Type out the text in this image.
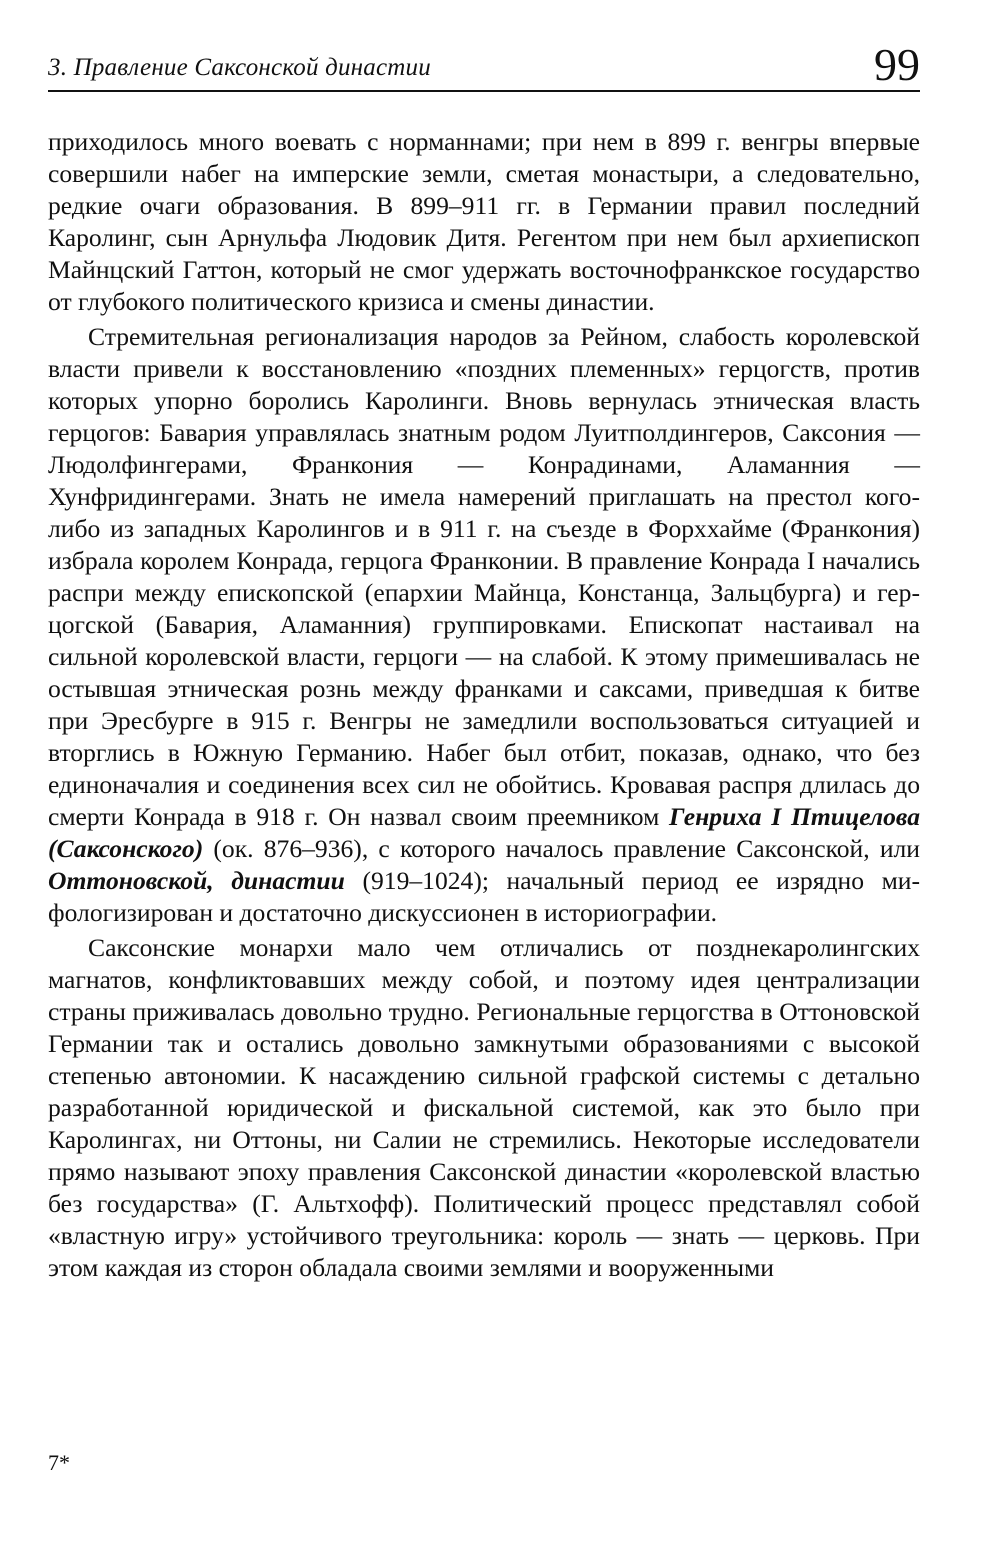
3. Правление Саксонской династии	99

приходилось много воевать с норманнами; при нем в 899 г. венгры впервые совершили набег на имперские земли, сметая монастыри, а следовательно, редкие очаги образования. В 899–911 гг. в Германии правил последний Каролинг, сын Арнульфа Людовик Дитя. Регентом при нем был архиепископ Майнцский Гаттон, который не смог удержать восточнофранкское государство от глубокого политического кризиса и смены династии.

Стремительная регионализация народов за Рейном, слабость королевской власти привели к восстановлению «поздних племенных» герцогств, против которых упорно боролись Каролинги. Вновь вернулась этническая власть герцогов: Бавария управлялась знатным родом Луитполдингеров, Саксония — Людолфингерами, Франкония — Конрадинами, Аламанния — Хунфридингерами. Знать не имела намерений приглашать на престол кого-либо из западных Каролингов и в 911 г. на съезде в Форххайме (Франкония) избрала королем Конрада, герцога Франконии. В правление Конрада I начались распри между епископской (епархии Майнца, Констанца, Зальцбурга) и герцогской (Бавария, Аламанния) группировками. Епископат настаивал на сильной королевской власти, герцоги — на слабой. К этому примешивалась не остывшая этническая рознь между франками и саксами, приведшая к битве при Эресбурге в 915 г. Венгры не замедлили воспользоваться ситуацией и вторглись в Южную Германию. Набег был отбит, показав, однако, что без единоначалия и соединения всех сил не обойтись. Кровавая распря длилась до смерти Конрада в 918 г. Он назвал своим преемником Генриха I Птицелова (Саксонского) (ок. 876–936), с которого началось правление Саксонской, или Оттоновской, династии (919–1024); начальный период ее изрядно мифологизирован и достаточно дискуссионен в историографии.

Саксонские монархи мало чем отличались от позднекаролингских магнатов, конфликтовавших между собой, и поэтому идея централизации страны приживалась довольно трудно. Региональные герцогства в Оттоновской Германии так и остались довольно замкнутыми образованиями с высокой степенью автономии. К насаждению сильной графской системы с детально разработанной юридической и фискальной системой, как это было при Каролингах, ни Оттоны, ни Салии не стремились. Некоторые исследователи прямо называют эпоху правления Саксонской династии «королевской властью без государства» (Г. Альтхофф). Политический процесс представлял собой «властную игру» устойчивого треугольника: король — знать — церковь. При этом каждая из сторон обладала своими землями и вооруженными

7*
